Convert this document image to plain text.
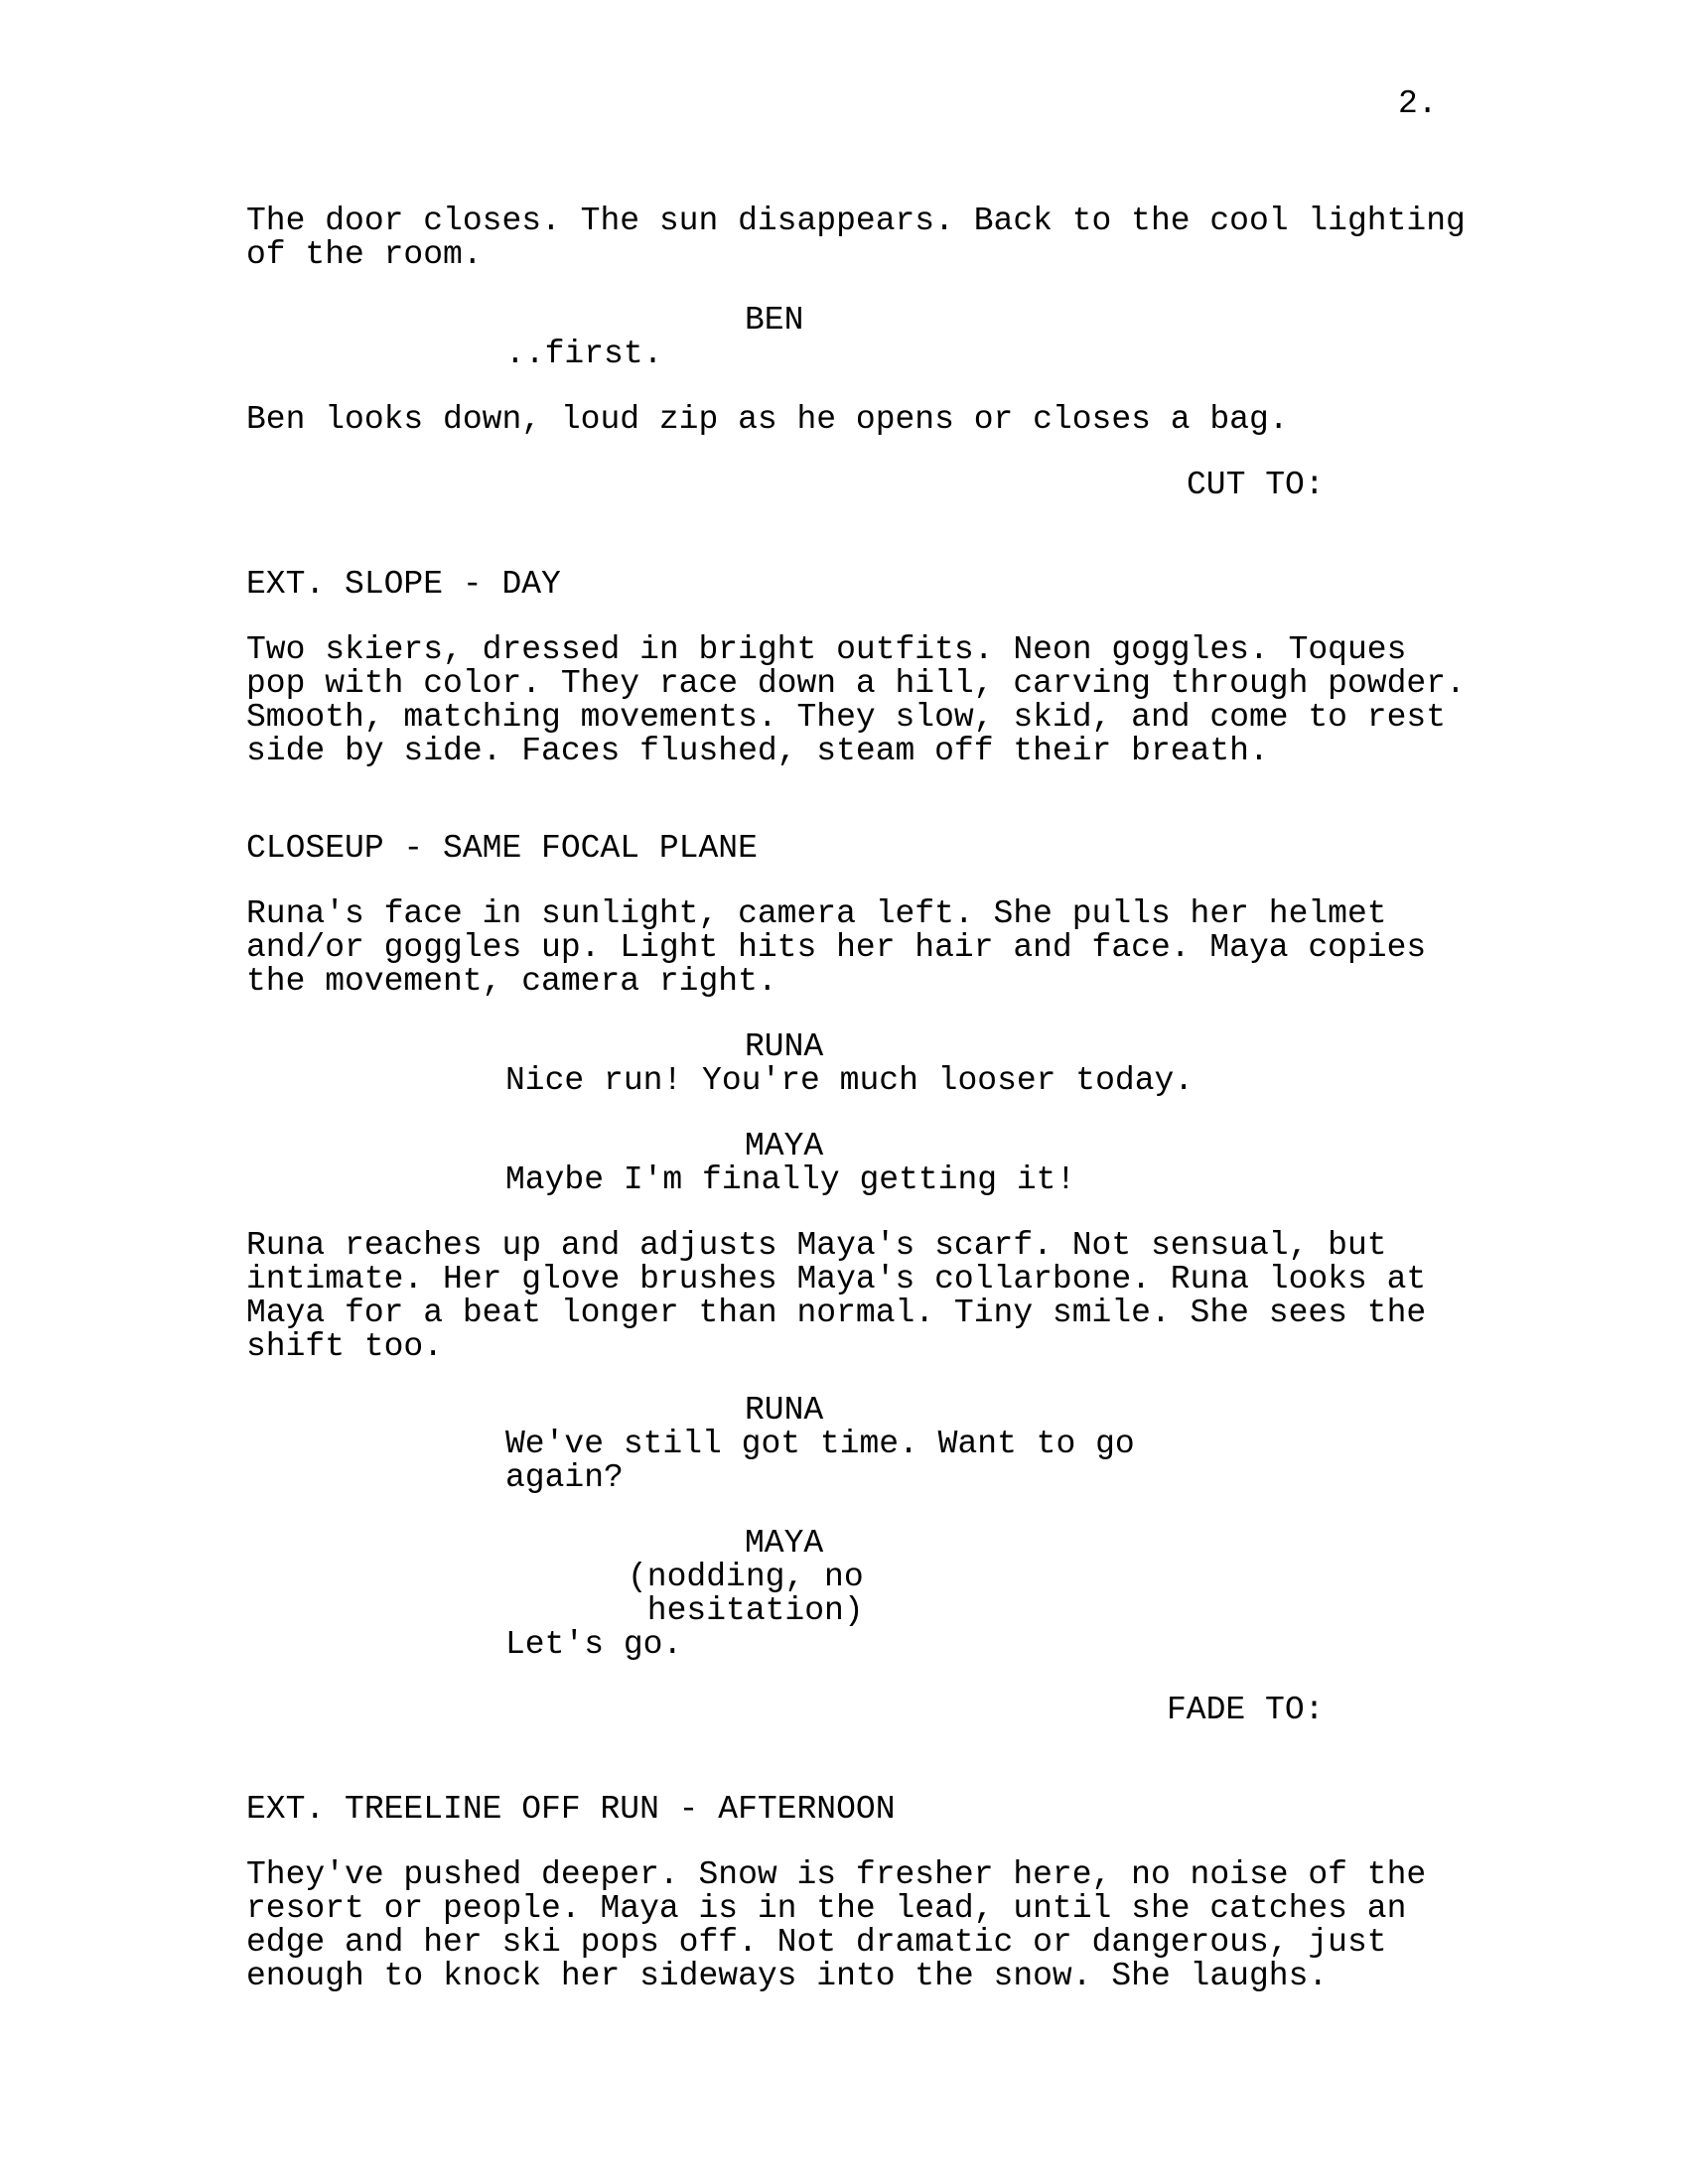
2.
The door closes. The sun disappears. Back to the cool lighting of the room.
BEN
..first.
Ben looks down, loud zip as he opens or closes a bag.
CUT TO:
EXT. SLOPE - DAY
Two skiers, dressed in bright outfits. Neon goggles. Toques pop with color. They race down a hill, carving through powder. Smooth, matching movements. They slow, skid, and come to rest side by side. Faces flushed, steam off their breath.
CLOSEUP - SAME FOCAL PLANE
Runa's face in sunlight, camera left. She pulls her helmet and/or goggles up. Light hits her hair and face. Maya copies the movement, camera right.
RUNA
Nice run! You're much looser today.
MAYA
Maybe I'm finally getting it!
Runa reaches up and adjusts Maya's scarf. Not sensual, but intimate. Her glove brushes Maya's collarbone. Runa looks at Maya for a beat longer than normal. Tiny smile. She sees the shift too.
RUNA
We've still got time. Want to go again?
MAYA
(nodding, no
hesitation)
Let's go.
FADE TO:
EXT. TREELINE OFF RUN - AFTERNOON
They've pushed deeper. Snow is fresher here, no noise of the resort or people. Maya is in the lead, until she catches an edge and her ski pops off. Not dramatic or dangerous, just enough to knock her sideways into the snow. She laughs.
